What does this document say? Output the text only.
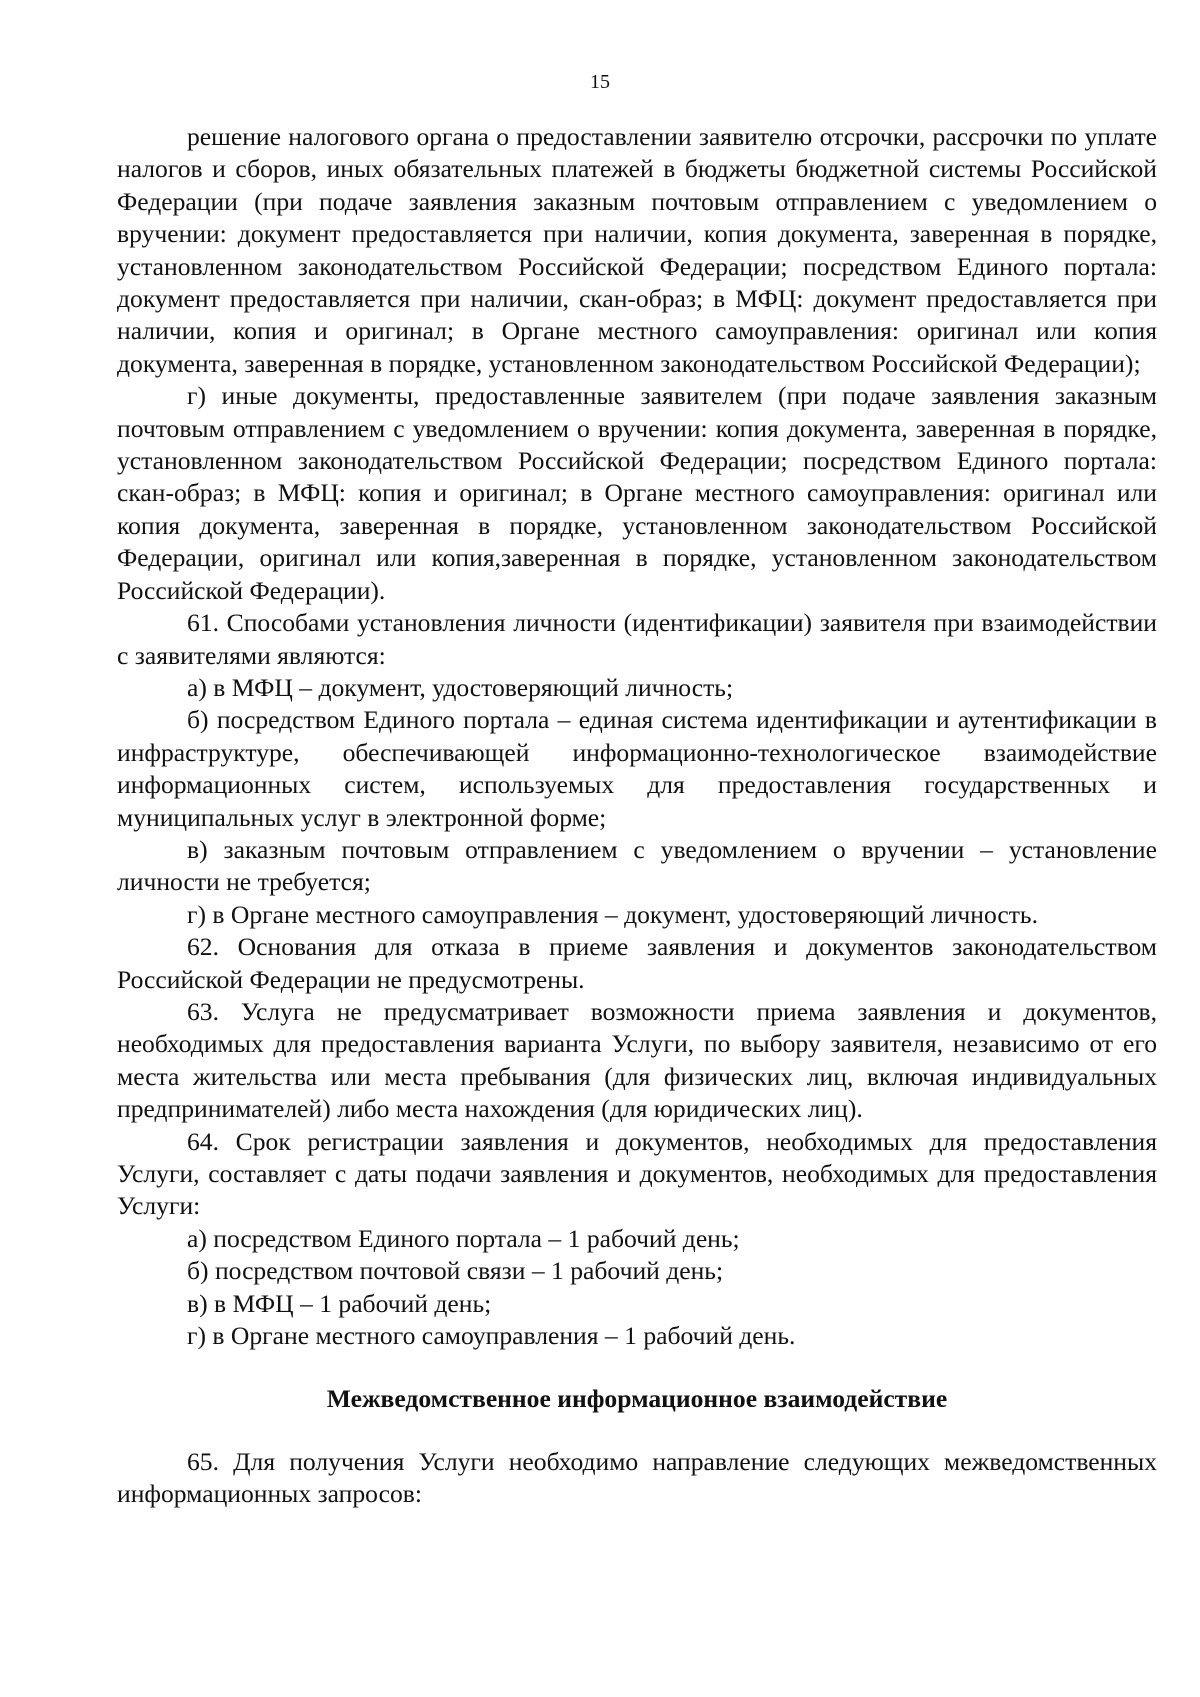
15

решение налогового органа о предоставлении заявителю отсрочки, рассрочки по уплате налогов и сборов, иных обязательных платежей в бюджеты бюджетной системы Российской Федерации (при подаче заявления заказным почтовым отправлением с уведомлением о вручении: документ предоставляется при наличии, копия документа, заверенная в порядке, установленном законодательством Российской Федерации; посредством Единого портала: документ предоставляется при наличии, скан-образ; в МФЦ: документ предоставляется при наличии, копия и оригинал; в Органе местного самоуправления: оригинал или копия документа, заверенная в порядке, установленном законодательством Российской Федерации);

г) иные документы, предоставленные заявителем (при подаче заявления заказным почтовым отправлением с уведомлением о вручении: копия документа, заверенная в порядке, установленном законодательством Российской Федерации; посредством Единого портала: скан-образ; в МФЦ: копия и оригинал; в Органе местного самоуправления: оригинал или копия документа, заверенная в порядке, установленном законодательством Российской Федерации, оригинал или копия,заверенная в порядке, установленном законодательством Российской Федерации).

61. Способами установления личности (идентификации) заявителя при взаимодействии с заявителями являются:

а) в МФЦ – документ, удостоверяющий личность;

б) посредством Единого портала – единая система идентификации и аутентификации в инфраструктуре, обеспечивающей информационно-технологическое взаимодействие информационных систем, используемых для предоставления государственных и муниципальных услуг в электронной форме;

в) заказным почтовым отправлением с уведомлением о вручении – установление личности не требуется;

г) в Органе местного самоуправления – документ, удостоверяющий личность.

62. Основания для отказа в приеме заявления и документов законодательством Российской Федерации не предусмотрены.

63. Услуга не предусматривает возможности приема заявления и документов, необходимых для предоставления варианта Услуги, по выбору заявителя, независимо от его места жительства или места пребывания (для физических лиц, включая индивидуальных предпринимателей) либо места нахождения (для юридических лиц).

64. Срок регистрации заявления и документов, необходимых для предоставления Услуги, составляет с даты подачи заявления и документов, необходимых для предоставления Услуги:

а) посредством Единого портала – 1 рабочий день;

б) посредством почтовой связи – 1 рабочий день;

в) в МФЦ – 1 рабочий день;

г) в Органе местного самоуправления – 1 рабочий день.

Межведомственное информационное взаимодействие

65. Для получения Услуги необходимо направление следующих межведомственных информационных запросов:
